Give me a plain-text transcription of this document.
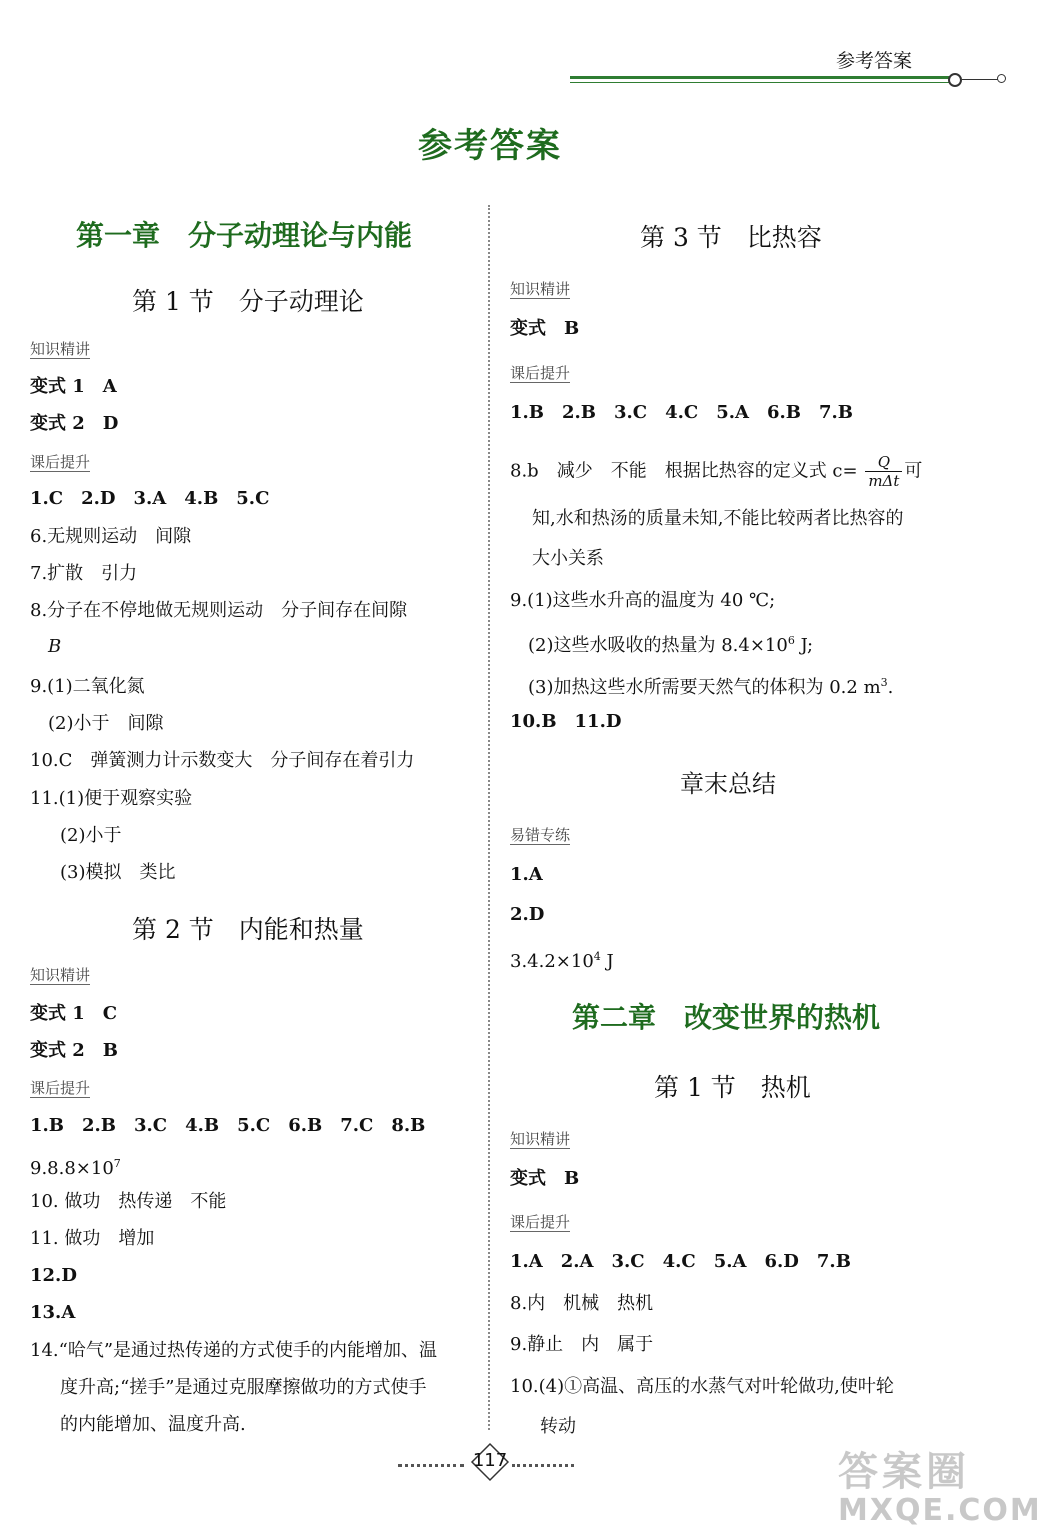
参考答案
参考答案
第一章　分子动理论与内能
第 1 节　分子动理论
知识精讲
变式 1　A
变式 2　D
课后提升
1.C　2.D　3.A　4.B　5.C
6.无规则运动　间隙
7.扩散　引力
8.分子在不停地做无规则运动　分子间存在间隙
B
9.(1)二氧化氮
(2)小于　间隙
10.C　弹簧测力计示数变大　分子间存在着引力
11.(1)便于观察实验
(2)小于
(3)模拟　类比
第 2 节　内能和热量
知识精讲
变式 1　C
变式 2　B
课后提升
1.B　2.B　3.C　4.B　5.C　6.B　7.C　8.B
$9.8.8\times 10^7$
10. 做功　热传递　不能
11. 做功　增加
12.D
13.A
14.“哈气”是通过热传递的方式使手的内能增加、温
度升高;“搓手”是通过克服摩擦做功的方式使手
的内能增加、温度升高.
第 3 节　比热容
知识精讲
变式　B
课后提升
1.B　2.B　3.C　4.C　5.A　6.B　7.B
8.b　减少　不能　根据比热容的定义式 c=	Q
mΔt 可
知,水和热汤的质量未知,不能比较两者比热容的
大小关系
9.(1)这些水升高的温度为 40 ℃;
(2)这些水吸收的热量为 $8.4\times 10^6$ J;
(3)加热这些水所需要天然气的体积为 0.2 $m^3$.
10.B　11.D
章末总结
易错专练
1.A
2.D
$3.4.2\times 10^4$ J
第二章　改变世界的热机
第 1 节　热机
知识精讲
变式　B
课后提升
1.A　2.A　3.C　4.C　5.A　6.D　7.B
8.内　机械　热机
9.静止　内　属于
10.(4)①高温、高压的水蒸气对叶轮做功,使叶轮
转动
117	答案圈
MXQE.COM
